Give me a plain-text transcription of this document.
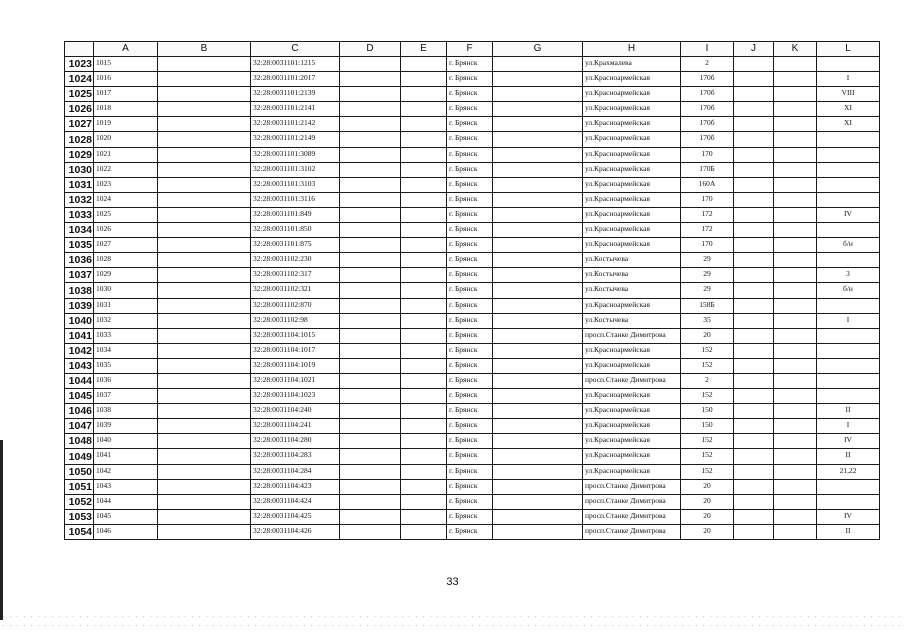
	A	B	C	D	E	F	G	H	I	J	K	L
1023	1015		32:28:0031101:1215			г. Брянск		ул.Крахмалева	2			
1024	1016		32:28:0031101:2017			г. Брянск		ул.Красноармейская	170б			I
1025	1017		32:28:0031101:2139			г. Брянск		ул.Красноармейская	170б			VIII
1026	1018		32:28:0031101:2141			г. Брянск		ул.Красноармейская	170б			XI
1027	1019		32:28:0031101:2142			г. Брянск		ул.Красноармейская	170б			XI
1028	1020		32:28:0031101:2149			г. Брянск		ул.Красноармейская	170б			
1029	1021		32:28:0031101:3089			г. Брянск		ул.Красноармейская	170			
1030	1022		32:28:0031101:3102			г. Брянск		ул.Красноармейская	170Б			
1031	1023		32:28:0031101:3103			г. Брянск		ул.Красноармейская	160А			
1032	1024		32:28:0031101:3116			г. Брянск		ул.Красноармейская	170			
1033	1025		32:28:0031101:849			г. Брянск		ул.Красноармейская	172			IV
1034	1026		32:28:0031101:850			г. Брянск		ул.Красноармейская	172			
1035	1027		32:28:0031101:875			г. Брянск		ул.Красноармейская	170			б/н
1036	1028		32:28:0031102:230			г. Брянск		ул.Костычева	29			
1037	1029		32:28:0031102:317			г. Брянск		ул.Костычева	29			3
1038	1030		32:28:0031102:321			г. Брянск		ул.Костычева	29			б/н
1039	1031		32:28:0031102:870			г. Брянск		ул.Красноармейская	158Б			
1040	1032		32:28:0031102:98			г. Брянск		ул.Костычева	35			I
1041	1033		32:28:0031104:1015			г. Брянск		просп.Станке Димитрова	20			
1042	1034		32:28:0031104:1017			г. Брянск		ул.Красноармейская	152			
1043	1035		32:28:0031104:1019			г. Брянск		ул.Красноармейская	152			
1044	1036		32:28:0031104:1021			г. Брянск		просп.Станке Димитрова	2			
1045	1037		32:28:0031104:1023			г. Брянск		ул.Красноармейская	152			
1046	1038		32:28:0031104:240			г. Брянск		ул.Красноармейская	150			II
1047	1039		32:28:0031104:241			г. Брянск		ул.Красноармейская	150			I
1048	1040		32:28:0031104:280			г. Брянск		ул.Красноармейская	152			IV
1049	1041		32:28:0031104:283			г. Брянск		ул.Красноармейская	152			II
1050	1042		32:28:0031104:284			г. Брянск		ул.Красноармейская	152			21,22
1051	1043		32:28:0031104:423			г. Брянск		просп.Станке Димитрова	20			
1052	1044		32:28:0031104:424			г. Брянск		просп.Станке Димитрова	20			
1053	1045		32:28:0031104:425			г. Брянск		просп.Станке Димитрова	20			IV
1054	1046		32:28:0031104:426			г. Брянск		просп.Станке Димитрова	20			II
33
